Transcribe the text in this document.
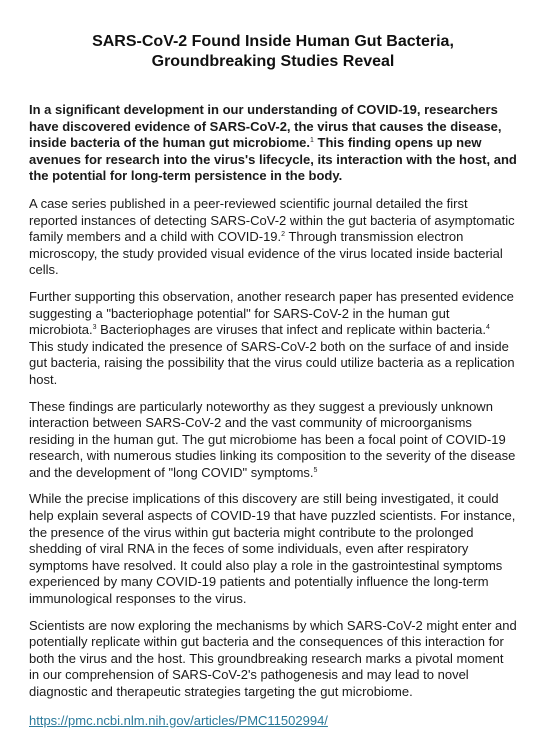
SARS-CoV-2 Found Inside Human Gut Bacteria, Groundbreaking Studies Reveal

In a significant development in our understanding of COVID-19, researchers have discovered evidence of SARS-CoV-2, the virus that causes the disease, inside bacteria of the human gut microbiome.$^1$ This finding opens up new avenues for research into the virus's lifecycle, its interaction with the host, and the potential for long-term persistence in the body.

A case series published in a peer-reviewed scientific journal detailed the first reported instances of detecting SARS-CoV-2 within the gut bacteria of asymptomatic family members and a child with COVID-19.$^2$ Through transmission electron microscopy, the study provided visual evidence of the virus located inside bacterial cells.

Further supporting this observation, another research paper has presented evidence suggesting a "bacteriophage potential" for SARS-CoV-2 in the human gut microbiota.$^3$ Bacteriophages are viruses that infect and replicate within bacteria.$^4$ This study indicated the presence of SARS-CoV-2 both on the surface of and inside gut bacteria, raising the possibility that the virus could utilize bacteria as a replication host.

These findings are particularly noteworthy as they suggest a previously unknown interaction between SARS-CoV-2 and the vast community of microorganisms residing in the human gut. The gut microbiome has been a focal point of COVID-19 research, with numerous studies linking its composition to the severity of the disease and the development of "long COVID" symptoms.$^5$

While the precise implications of this discovery are still being investigated, it could help explain several aspects of COVID-19 that have puzzled scientists. For instance, the presence of the virus within gut bacteria might contribute to the prolonged shedding of viral RNA in the feces of some individuals, even after respiratory symptoms have resolved. It could also play a role in the gastrointestinal symptoms experienced by many COVID-19 patients and potentially influence the long-term immunological responses to the virus.

Scientists are now exploring the mechanisms by which SARS-CoV-2 might enter and potentially replicate within gut bacteria and the consequences of this interaction for both the virus and the host. This groundbreaking research marks a pivotal moment in our comprehension of SARS-CoV-2's pathogenesis and may lead to novel diagnostic and therapeutic strategies targeting the gut microbiome.

https://pmc.ncbi.nlm.nih.gov/articles/PMC11502994/
